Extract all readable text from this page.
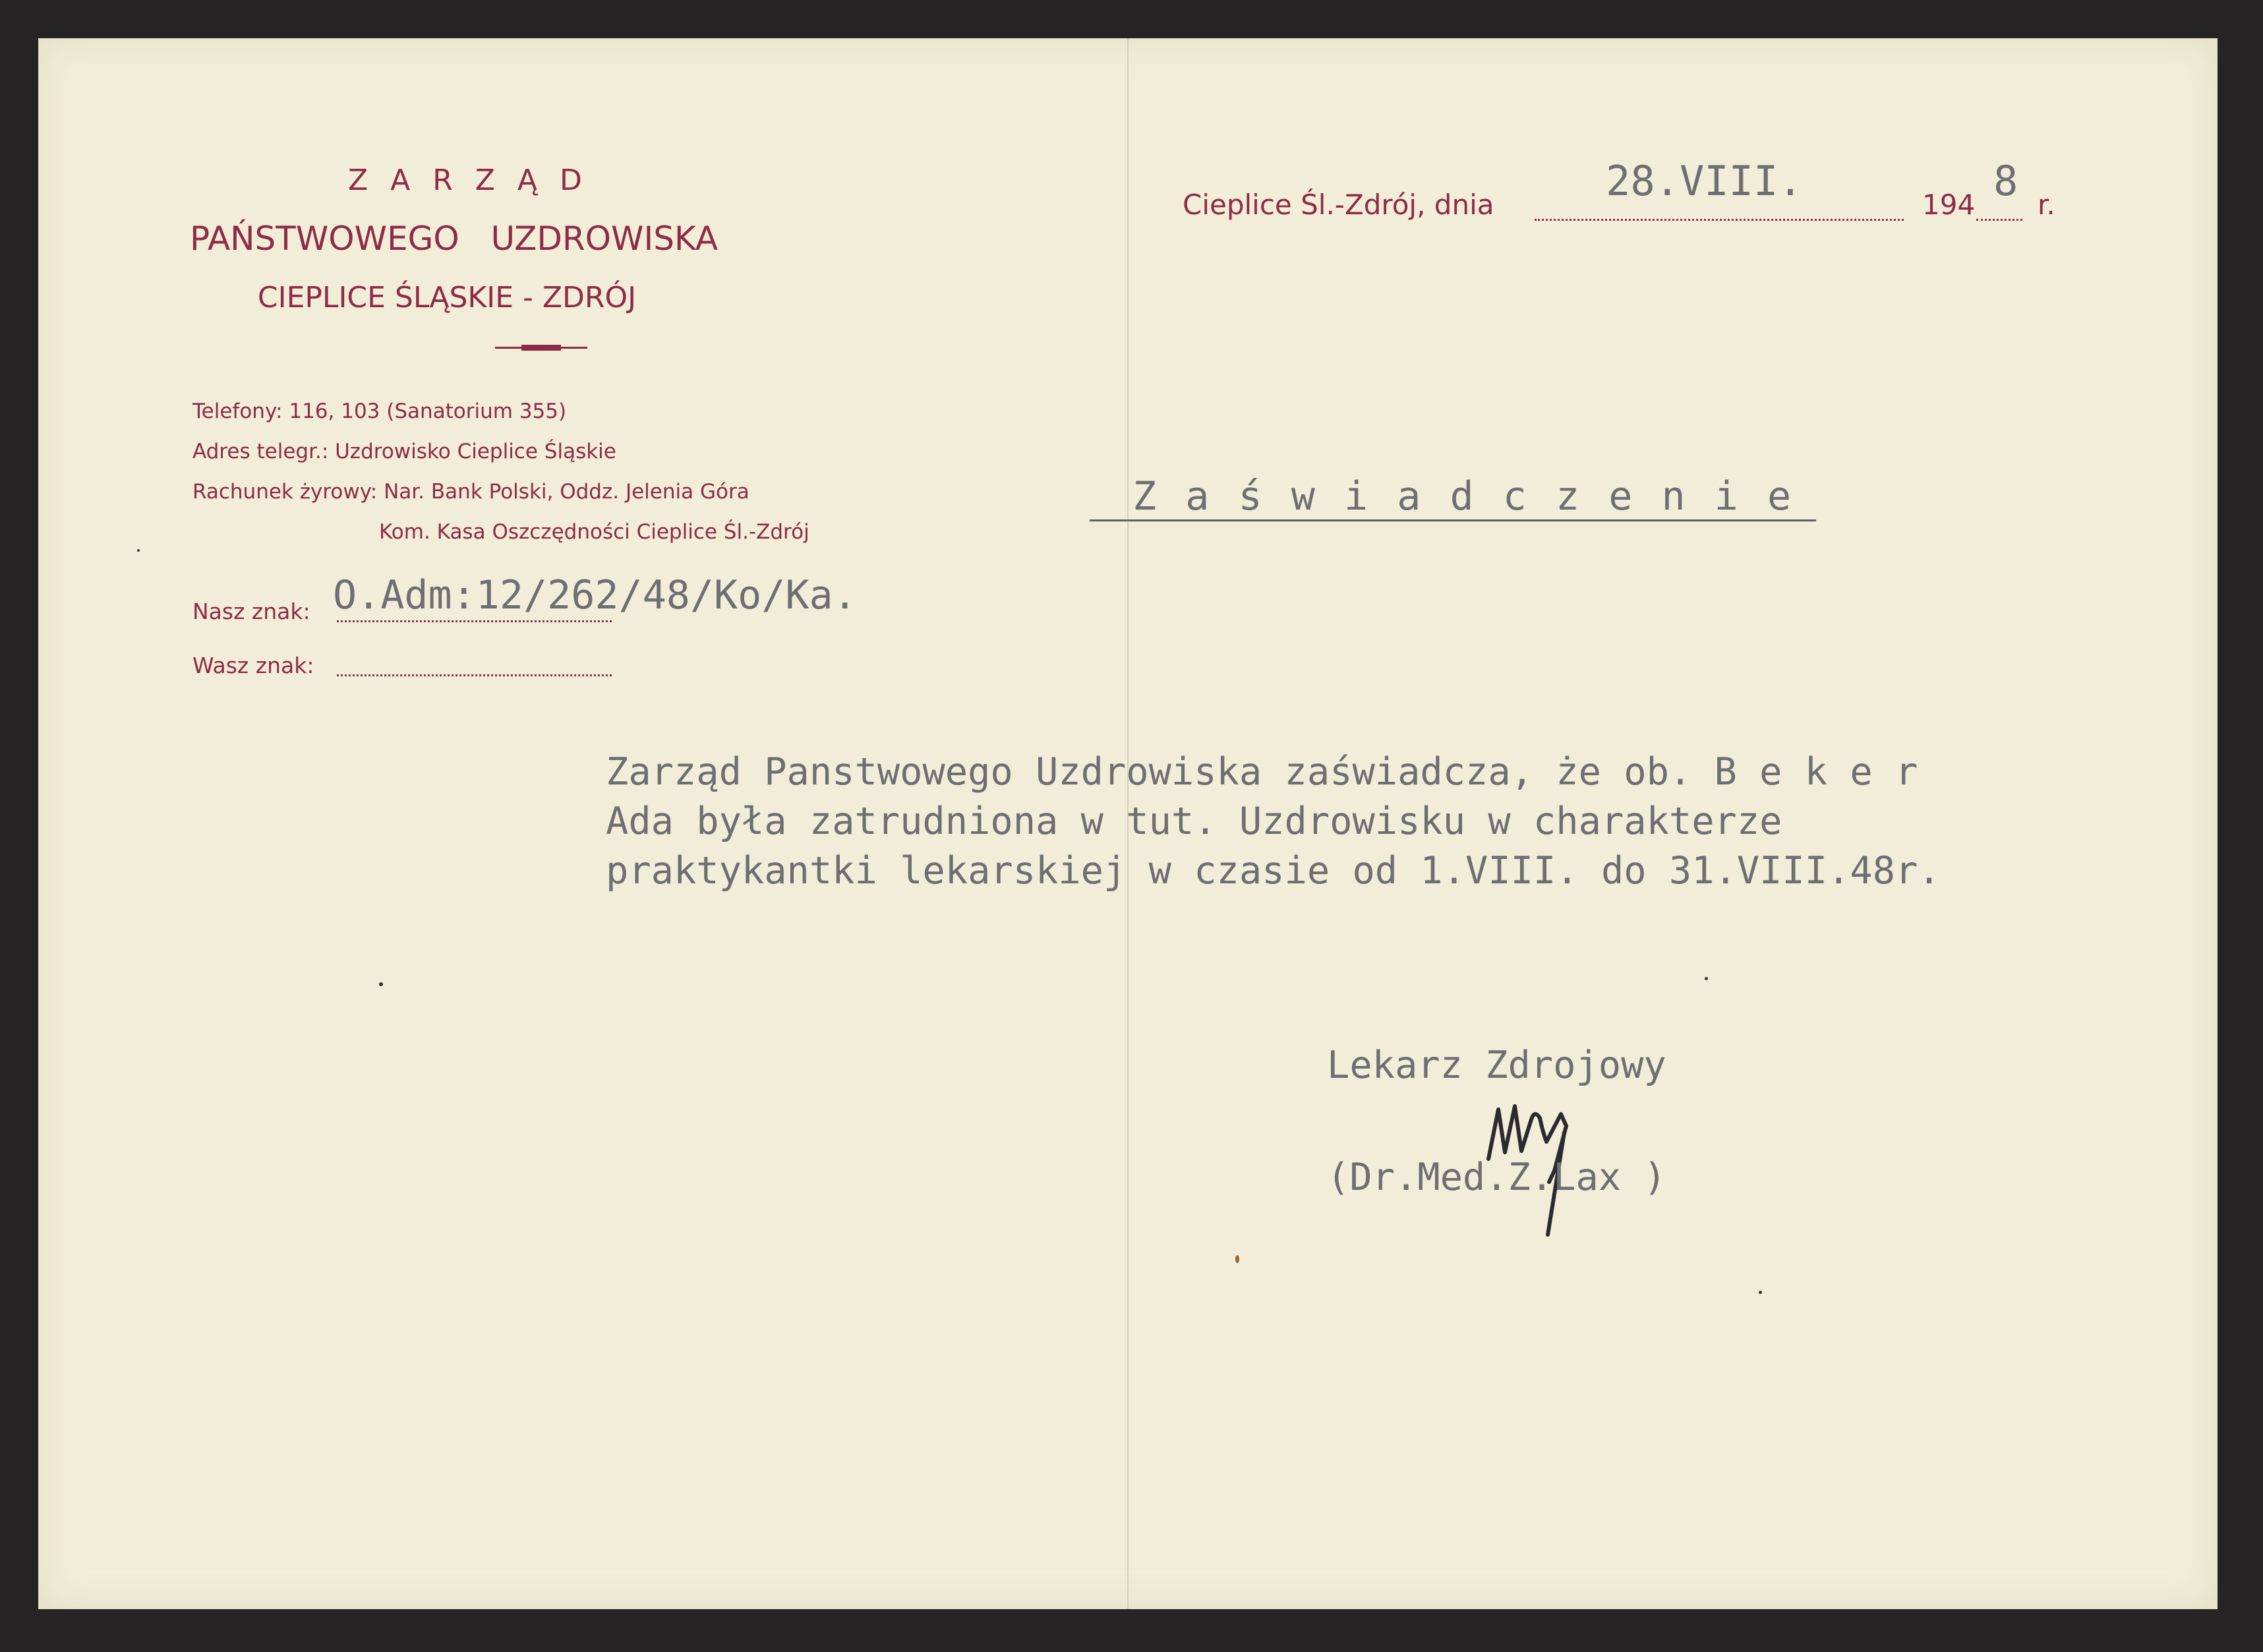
Z A R Z Ą D
PAŃSTWOWEGO   UZDROWISKA
CIEPLICE ŚLĄSKIE - ZDRÓJ
Telefony: 116, 103 (Sanatorium 355)
Adres telegr.: Uzdrowisko Cieplice Śląskie
Rachunek żyrowy: Nar. Bank Polski, Oddz. Jelenia Góra
Kom. Kasa Oszczędności Cieplice Śl.-Zdrój
Nasz znak: O.Adm:12/262/48/Ko/Ka.
Wasz znak:
Cieplice Śl.-Zdrój, dnia	28.VIII.	194 8 r.
Z a ś w i a d c z e n i e
Zarząd Panstwowego Uzdrowiska zaświadcza, że ob. B e k e r
Ada była zatrudniona w tut. Uzdrowisku w charakterze
praktykantki lekarskiej w czasie od 1.VIII. do 31.VIII.48r.
Lekarz Zdrojowy
(Dr.Med.Z.Lax )
